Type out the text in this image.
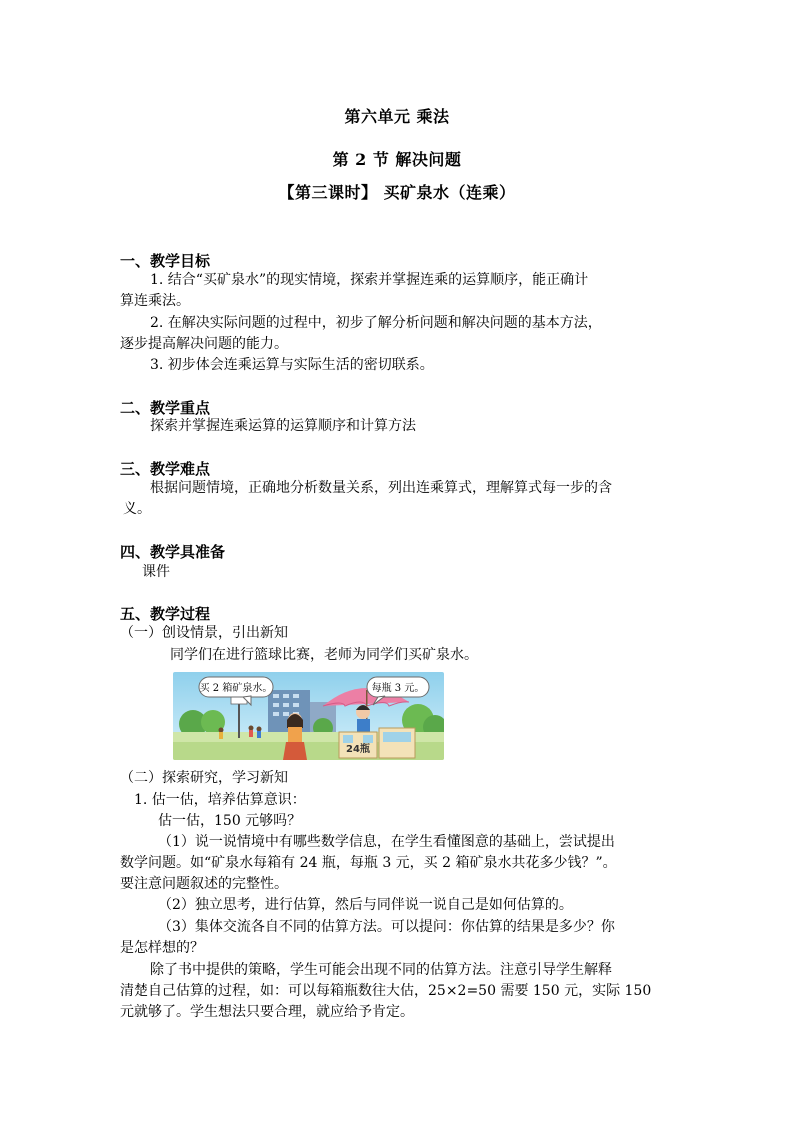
第六单元 乘法
第 2 节 解决问题
【第三课时】 买矿泉水（连乘）
一、教学目标
1. 结合“买矿泉水”的现实情境，探索并掌握连乘的运算顺序，能正确计
算连乘法。
2. 在解决实际问题的过程中，初步了解分析问题和解决问题的基本方法，
逐步提高解决问题的能力。
3. 初步体会连乘运算与实际生活的密切联系。
二、教学重点
探索并掌握连乘运算的运算顺序和计算方法
三、教学难点
根据问题情境，正确地分析数量关系，列出连乘算式，理解算式每一步的含
义。
四、教学具准备
课件
五、教学过程
（一）创设情景，引出新知
同学们在进行篮球比赛，老师为同学们买矿泉水。
买 2 箱矿泉水。	每瓶 3 元。
24瓶
（二）探索研究，学习新知
1. 估一估，培养估算意识：
估一估，150 元够吗？
（1）说一说情境中有哪些数学信息，在学生看懂图意的基础上，尝试提出
数学问题。如“矿泉水每箱有 24 瓶，每瓶 3 元，买 2 箱矿泉水共花多少钱？”。
要注意问题叙述的完整性。
（2）独立思考，进行估算，然后与同伴说一说自己是如何估算的。
（3）集体交流各自不同的估算方法。可以提问：你估算的结果是多少？你
是怎样想的？
除了书中提供的策略，学生可能会出现不同的估算方法。注意引导学生解释
清楚自己估算的过程，如：可以每箱瓶数往大估，25×2=50 需要 150 元，实际 150
元就够了。学生想法只要合理，就应给予肯定。
